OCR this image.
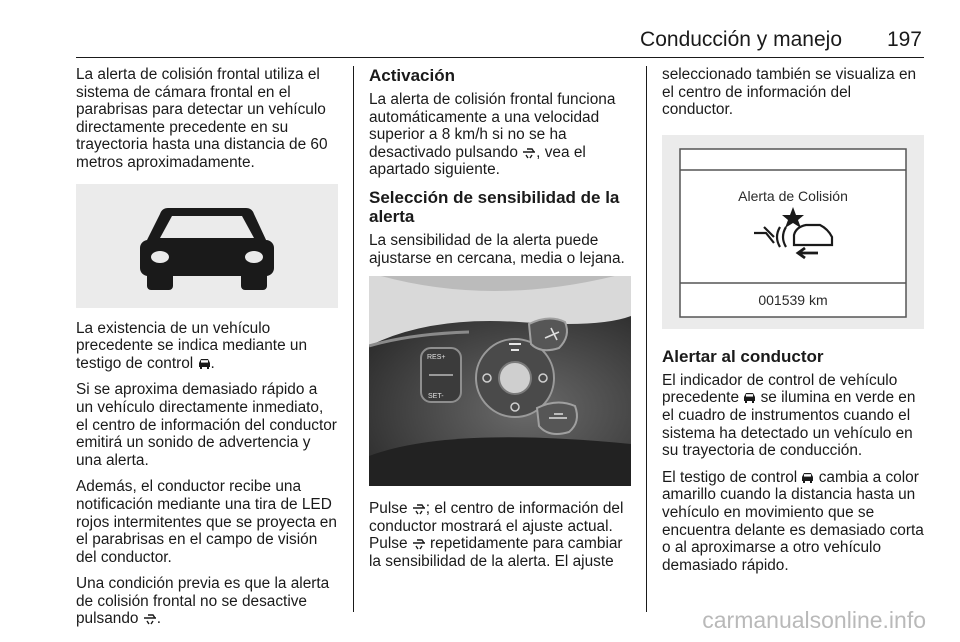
Conducción y manejo 197

La alerta de colisión frontal utiliza el sistema de cámara frontal en el parabrisas para detectar un vehículo directamente precedente en su trayectoria hasta una distancia de 60 metros aproximadamente.

La existencia de un vehículo precedente se indica mediante un testigo de control .

Si se aproxima demasiado rápido a un vehículo directamente inmediato, el centro de información del conductor emitirá un sonido de advertencia y una alerta.

Además, el conductor recibe una notificación mediante una tira de LED rojos intermitentes que se proyecta en el parabrisas en el campo de visión del conductor.

Una condición previa es que la alerta de colisión frontal no se desactive pulsando .

Activación

La alerta de colisión frontal funciona automáticamente a una velocidad superior a 8 km/h si no se ha desactivado pulsando , vea el apartado siguiente.

Selección de sensibilidad de la alerta

La sensibilidad de la alerta puede ajustarse en cercana, media o lejana.

RES+
SET-

Pulse ; el centro de información del conductor mostrará el ajuste actual. Pulse  repetidamente para cambiar la sensibilidad de la alerta. El ajuste

seleccionado también se visualiza en el centro de información del conductor.

Alerta de Colisión
001539 km
Alertar al conductor

El indicador de control de vehículo precedente  se ilumina en verde en el cuadro de instrumentos cuando el sistema ha detectado un vehículo en su trayectoria de conducción.

El testigo de control  cambia a color amarillo cuando la distancia hasta un vehículo en movimiento que se encuentra delante es demasiado corta o al aproximarse a otro vehículo demasiado rápido.

carmanualsonline.info
